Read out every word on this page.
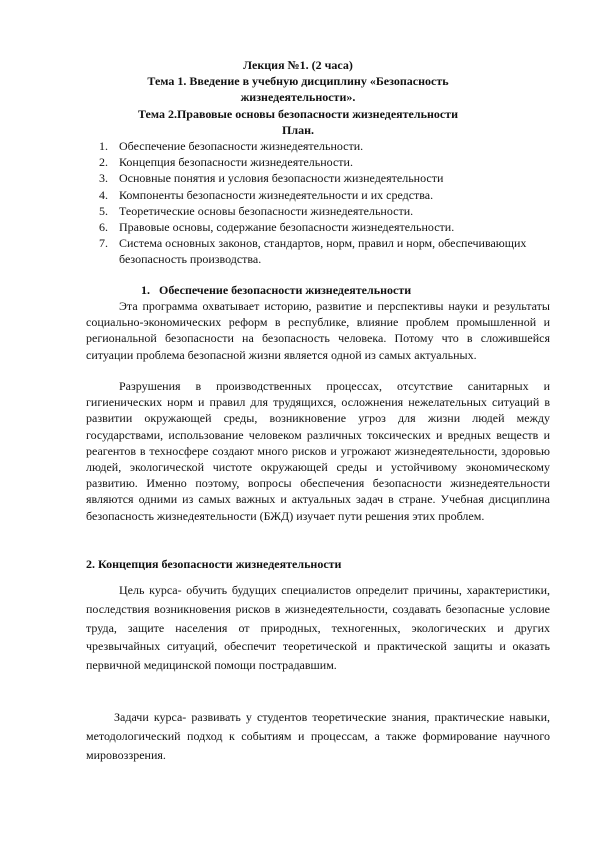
Лекция №1. (2 часа)
Тема 1. Введение в учебную дисциплину «Безопасность
жизнедеятельности».
Тема 2.Правовые основы безопасности жизнедеятельности
План.
1. Обеспечение безопасности жизнедеятельности.
2. Концепция безопасности жизнедеятельности.
3. Основные понятия и условия безопасности жизнедеятельности
4. Компоненты безопасности жизнедеятельности и их средства.
5. Теоретические основы безопасности жизнедеятельности.
6. Правовые основы, содержание безопасности жизнедеятельности.
7. Система основных законов, стандартов, норм, правил и норм, обеспечивающих безопасность производства.
1. Обеспечение безопасности жизнедеятельности

Эта программа охватывает историю, развитие и перспективы науки и результаты социально-экономических реформ в республике, влияние проблем промышленной и региональной безопасности на безопасность человека. Потому что в сложившейся ситуации проблема безопасной жизни является одной из самых актуальных.

Разрушения в производственных процессах, отсутствие санитарных и гигиенических норм и правил для трудящихся, осложнения нежелательных ситуаций в развитии окружающей среды, возникновение угроз для жизни людей между государствами, использование человеком различных токсических и вредных веществ и реагентов в техносфере создают много рисков и угрожают жизнедеятельности, здоровью людей, экологической чистоте окружающей среды и устойчивому экономическому развитию. Именно поэтому, вопросы обеспечения безопасности жизнедеятельности являются одними из самых важных и актуальных задач в стране. Учебная дисциплина безопасность жизнедеятельности (БЖД) изучает пути решения этих проблем.

2. Концепция безопасности жизнедеятельности

Цель курса- обучить будущих специалистов определит причины, характеристики, последствия возникновения рисков в жизнедеятельности, создавать безопасные условие труда, защите населения от природных, техногенных, экологических и других чрезвычайных ситуаций, обеспечит теоретической и практической защиты и оказать первичной медицинской помощи пострадавшим.

Задачи курса- развивать у студентов теоретические знания, практические навыки, методологический подход к событиям и процессам, а также формирование научного мировоззрения.
